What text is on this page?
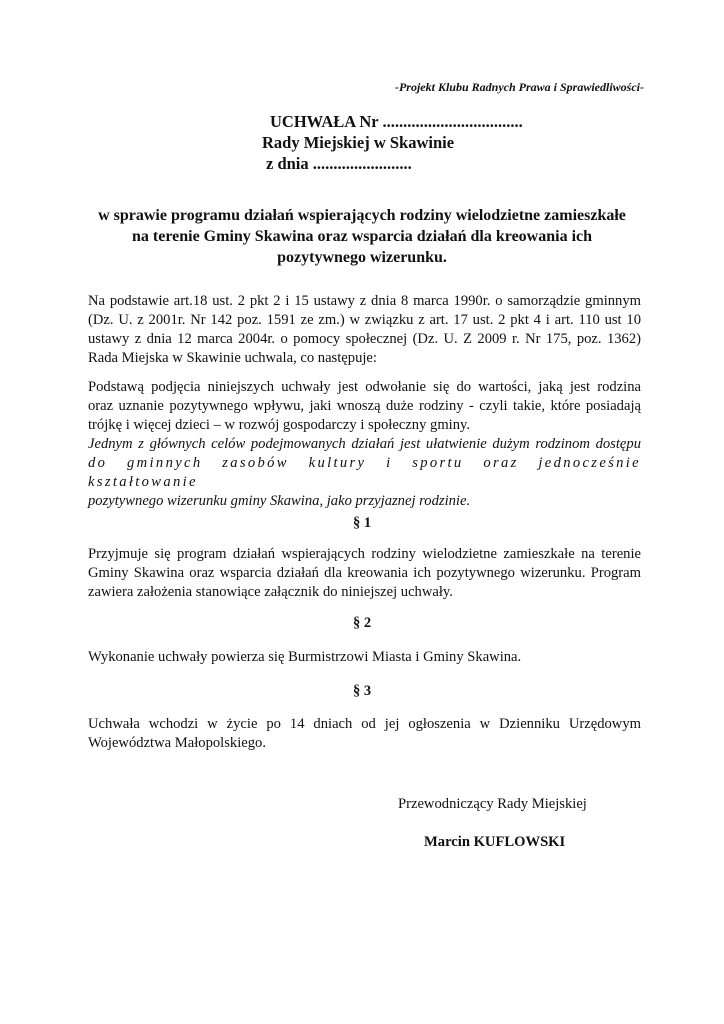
-Projekt Klubu Radnych Prawa i Sprawiedliwości-

UCHWAŁA Nr ..................................

Rady Miejskiej w Skawinie

z dnia ........................

w sprawie programu działań wspierających rodziny wielodzietne zamieszkałe
na terenie Gminy Skawina oraz wsparcia działań dla kreowania ich
pozytywnego wizerunku.
Na podstawie art.18 ust. 2 pkt 2 i 15 ustawy z dnia 8 marca 1990r. o samorządzie gminnym
(Dz. U. z 2001r. Nr 142 poz. 1591 ze zm.) w związku z art. 17 ust. 2 pkt 4 i art. 110 ust 10
ustawy z dnia 12 marca 2004r. o pomocy społecznej (Dz. U. Z 2009 r. Nr 175, poz. 1362)
Rada Miejska w Skawinie uchwala, co następuje:
Podstawą podjęcia niniejszych uchwały jest odwołanie się do wartości, jaką jest rodzina
oraz uznanie pozytywnego wpływu, jaki wnoszą duże rodziny - czyli takie, które posiadają
trójkę i więcej dzieci – w rozwój gospodarczy i społeczny gminy.
Jednym z głównych celów podejmowanych działań jest ułatwienie dużym rodzinom dostępu
do gminnych zasobów kultury i sportu oraz jednocześnie kształtowanie
pozytywnego wizerunku gminy Skawina, jako przyjaznej rodzinie.

§ 1

Przyjmuje się program działań wspierających rodziny wielodzietne zamieszkałe na terenie
Gminy Skawina oraz wsparcia działań dla kreowania ich pozytywnego wizerunku. Program
zawiera założenia stanowiące załącznik do niniejszej uchwały.

§ 2

Wykonanie uchwały powierza się Burmistrzowi Miasta i Gminy Skawina.

§ 3

Uchwała wchodzi w życie po 14 dniach od jej ogłoszenia w Dzienniku Urzędowym
Województwa Małopolskiego.

Przewodniczący Rady Miejskiej

Marcin KUFLOWSKI
